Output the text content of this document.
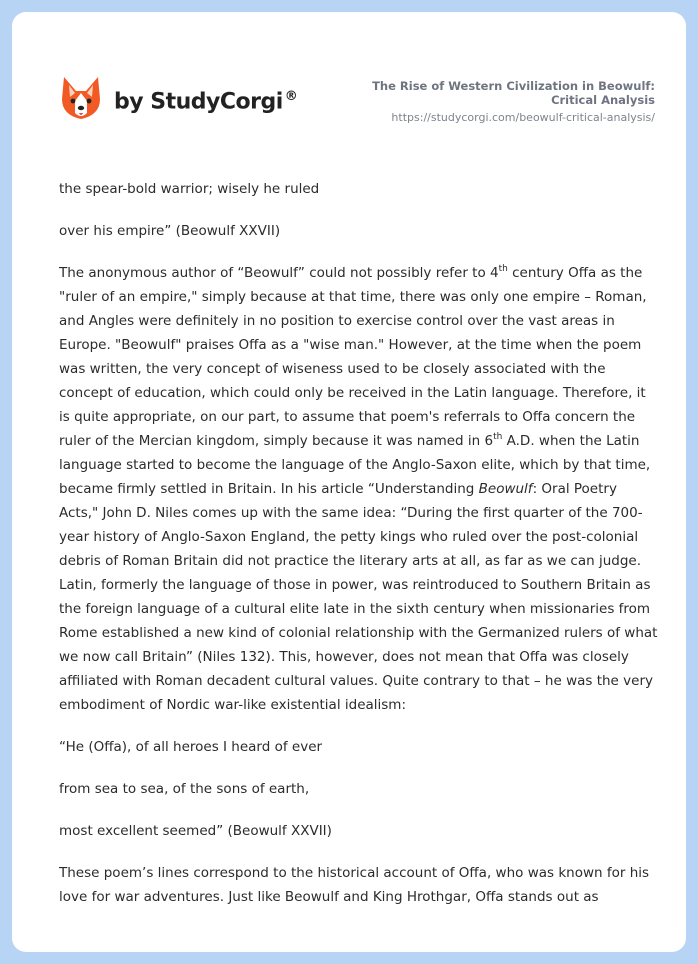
by StudyCorgi ®
The Rise of Western Civilization in Beowulf: Critical Analysis
https://studycorgi.com/beowulf-critical-analysis/

the spear-bold warrior; wisely he ruled

over his empire” (Beowulf XXVII)

The anonymous author of “Beowulf” could not possibly refer to 4th century Offa as the "ruler of an empire," simply because at that time, there was only one empire – Roman, and Angles were definitely in no position to exercise control over the vast areas in Europe. "Beowulf" praises Offa as a "wise man." However, at the time when the poem was written, the very concept of wiseness used to be closely associated with the concept of education, which could only be received in the Latin language. Therefore, it is quite appropriate, on our part, to assume that poem's referrals to Offa concern the ruler of the Mercian kingdom, simply because it was named in 6th A.D. when the Latin language started to become the language of the Anglo-Saxon elite, which by that time, became firmly settled in Britain. In his article “Understanding Beowulf: Oral Poetry Acts," John D. Niles comes up with the same idea: “During the first quarter of the 700-year history of Anglo-Saxon England, the petty kings who ruled over the post-colonial debris of Roman Britain did not practice the literary arts at all, as far as we can judge. Latin, formerly the language of those in power, was reintroduced to Southern Britain as the foreign language of a cultural elite late in the sixth century when missionaries from Rome established a new kind of colonial relationship with the Germanized rulers of what we now call Britain” (Niles 132). This, however, does not mean that Offa was closely affiliated with Roman decadent cultural values. Quite contrary to that – he was the very embodiment of Nordic war-like existential idealism:

“He (Offa), of all heroes I heard of ever

from sea to sea, of the sons of earth,

most excellent seemed” (Beowulf XXVII)

These poem’s lines correspond to the historical account of Offa, who was known for his love for war adventures. Just like Beowulf and King Hrothgar, Offa stands out as
